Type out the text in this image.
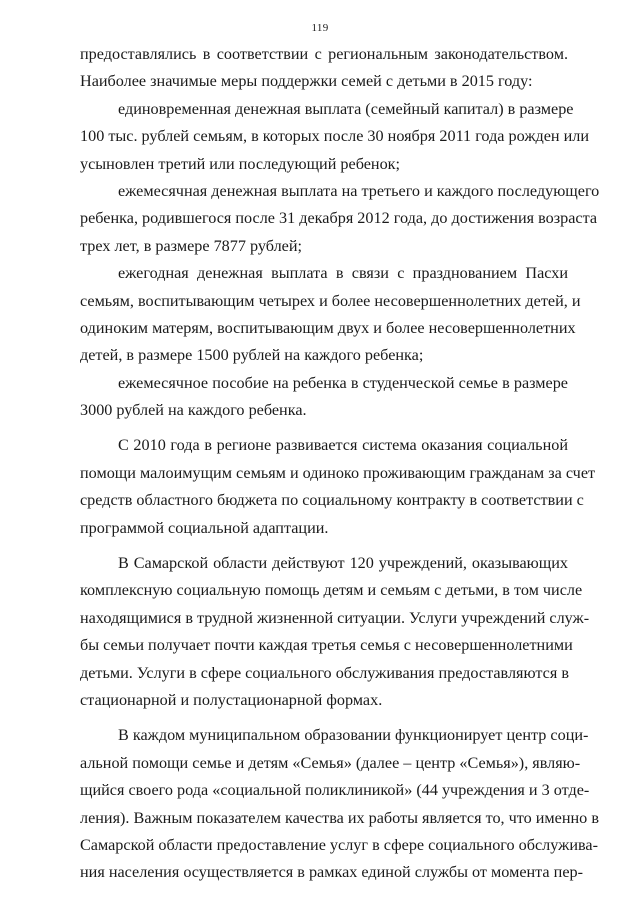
119
предоставлялись в соответствии с региональным законодательством.
Наиболее значимые меры поддержки семей с детьми в 2015 году:
единовременная денежная выплата (семейный капитал) в размере
100 тыс. рублей семьям, в которых после 30 ноября 2011 года рожден или
усыновлен третий или последующий ребенок;
ежемесячная денежная выплата на третьего и каждого последующего
ребенка, родившегося после 31 декабря 2012 года, до достижения возраста
трех лет, в размере 7877 рублей;
ежегодная денежная выплата в связи с празднованием Пасхи
семьям, воспитывающим четырех и более несовершеннолетних детей, и
одиноким матерям, воспитывающим двух и более несовершеннолетних
детей, в размере 1500 рублей на каждого ребенка;
ежемесячное пособие на ребенка в студенческой семье в размере
3000 рублей на каждого ребенка.
С 2010 года в регионе развивается система оказания социальной
помощи малоимущим семьям и одиноко проживающим гражданам за счет
средств областного бюджета по социальному контракту в соответствии с
программой социальной адаптации.
В Самарской области действуют 120 учреждений, оказывающих
комплексную социальную помощь детям и семьям с детьми, в том числе
находящимися в трудной жизненной ситуации. Услуги учреждений служ-
бы семьи получает почти каждая третья семья с несовершеннолетними
детьми. Услуги в сфере социального обслуживания предоставляются в
стационарной и полустационарной формах.
В каждом муниципальном образовании функционирует центр соци-
альной помощи семье и детям «Семья» (далее – центр «Семья»), являю-
щийся своего рода «социальной поликлиникой» (44 учреждения и 3 отде-
ления). Важным показателем качества их работы является то, что именно в
Самарской области предоставление услуг в сфере социального обслужива-
ния населения осуществляется в рамках единой службы от момента пер-
